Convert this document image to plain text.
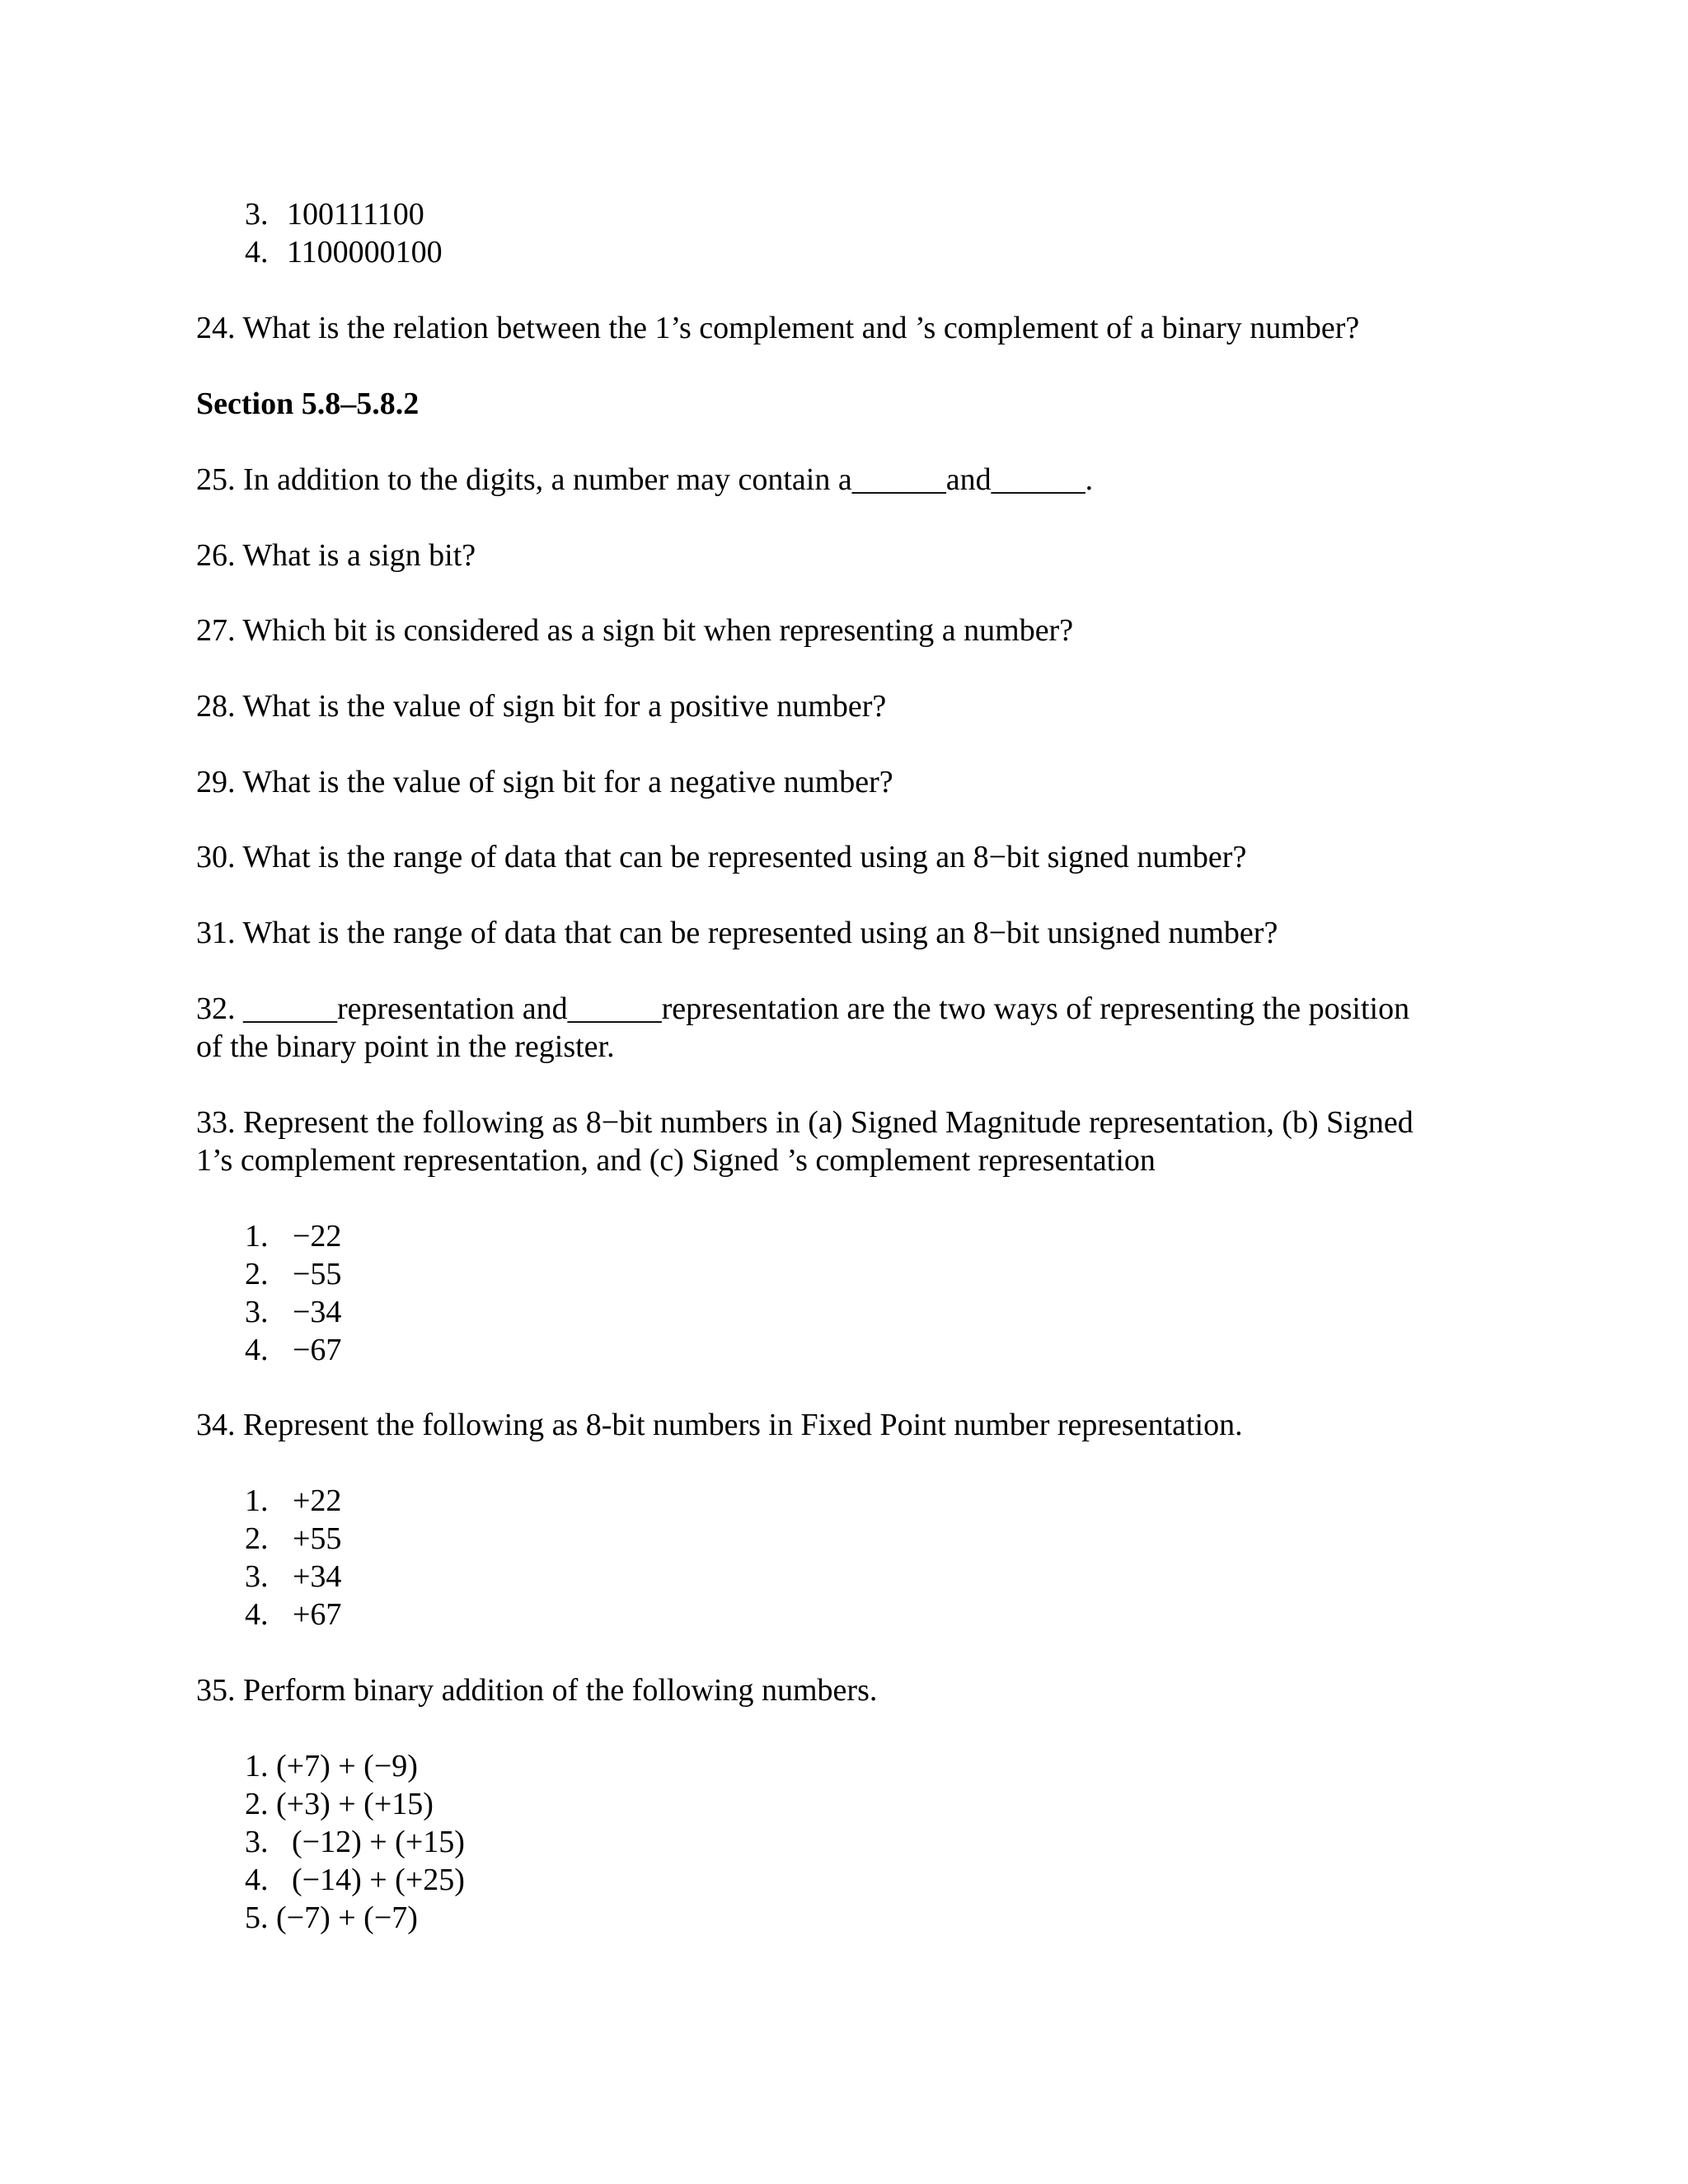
3. 100111100
4. 1100000100
24. What is the relation between the 1’s complement and ’s complement of a binary number?
Section 5.8–5.8.2
25. In addition to the digits, a number may contain a______and______.
26. What is a sign bit?
27. Which bit is considered as a sign bit when representing a number?
28. What is the value of sign bit for a positive number?
29. What is the value of sign bit for a negative number?
30. What is the range of data that can be represented using an 8−bit signed number?
31. What is the range of data that can be represented using an 8−bit unsigned number?
32. ______representation and______representation are the two ways of representing the position
of the binary point in the register.
33. Represent the following as 8−bit numbers in (a) Signed Magnitude representation, (b) Signed
1’s complement representation, and (c) Signed ’s complement representation
1. −22
2. −55
3. −34
4. −67
34. Represent the following as 8-bit numbers in Fixed Point number representation.
1. +22
2. +55
3. +34
4. +67
35. Perform binary addition of the following numbers.
1. (+7) + (−9)
2. (+3) + (+15)
3.   (−12) + (+15)
4.   (−14) + (+25)
5. (−7) + (−7)
